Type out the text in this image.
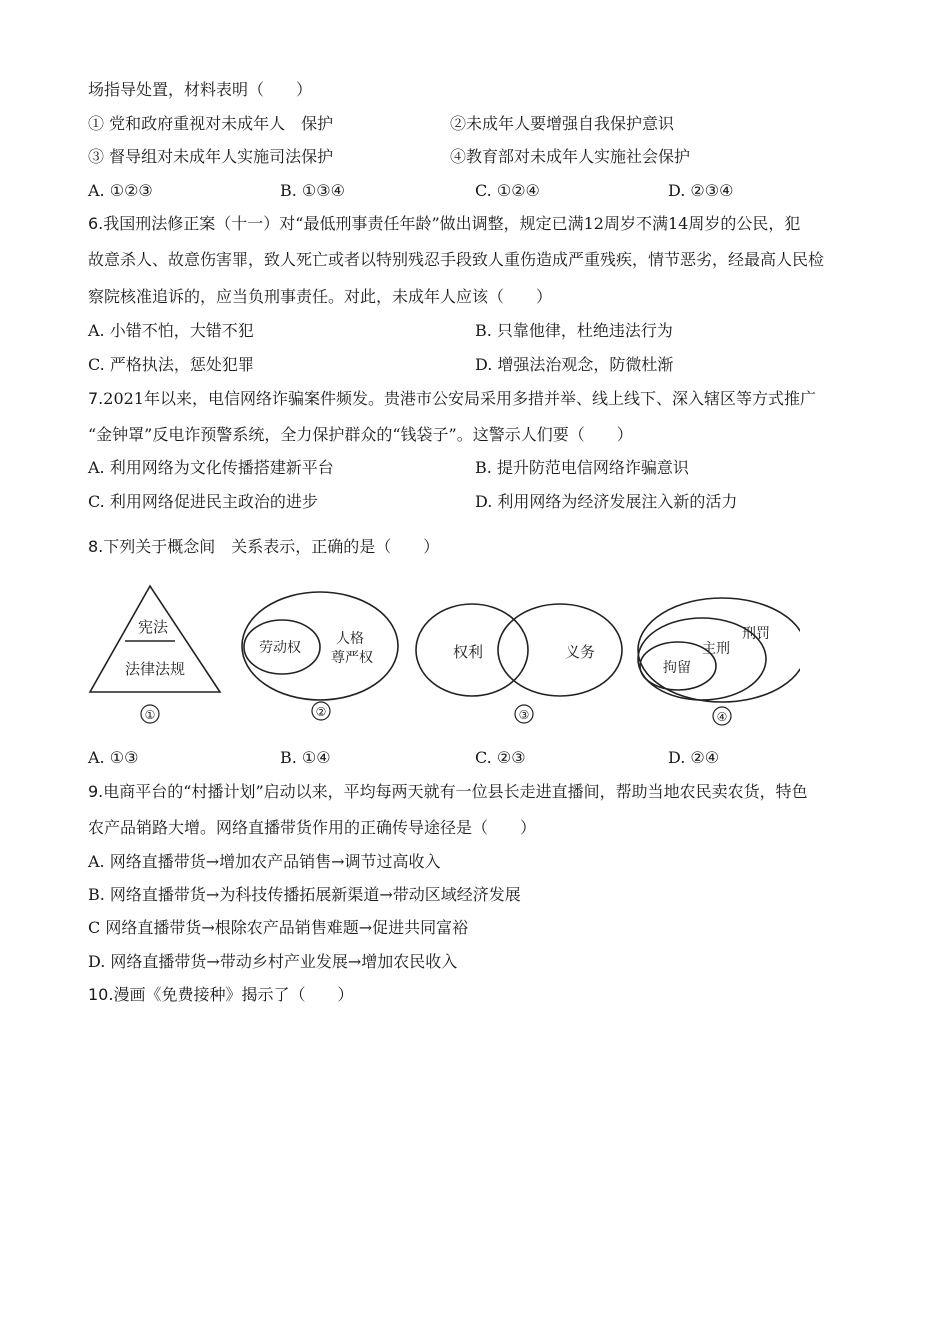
场指导处置，材料表明（　　）
① 党和政府重视对未成年人　保护	②未成年人要增强自我保护意识
③ 督导组对未成年人实施司法保护	④教育部对未成年人实施社会保护
A. ①②③	B. ①③④	C. ①②④	D. ②③④
6.我国刑法修正案（十一）对“最低刑事责任年龄”做出调整，规定已满12周岁不满14周岁的公民，犯
故意杀人、故意伤害罪，致人死亡或者以特别残忍手段致人重伤造成严重残疾，情节恶劣，经最高人民检
察院核准追诉的，应当负刑事责任。对此，未成年人应该（　　）
A. 小错不怕，大错不犯	B. 只靠他律，杜绝违法行为
C. 严格执法，惩处犯罪	D. 增强法治观念，防微杜渐
7.2021年以来，电信网络诈骗案件频发。贵港市公安局采用多措并举、线上线下、深入辖区等方式推广
“金钟罩”反电诈预警系统，全力保护群众的“钱袋子”。这警示人们要（　　）
A. 利用网络为文化传播搭建新平台	B. 提升防范电信网络诈骗意识
C. 利用网络促进民主政治的进步	D. 利用网络为经济发展注入新的活力
8.下列关于概念间　关系表示，正确的是（　　）
宪法
法律法规
①
劳动权
人格
尊严权
②
权利	义务
③
刑罚
主刑
拘留
④
A. ①③	B. ①④	C. ②③	D. ②④
9.电商平台的“村播计划”启动以来，平均每两天就有一位县长走进直播间，帮助当地农民卖农货，特色
农产品销路大增。网络直播带货作用的正确传导途径是（　　）
A. 网络直播带货→增加农产品销售→调节过高收入
B. 网络直播带货→为科技传播拓展新渠道→带动区域经济发展
C 网络直播带货→根除农产品销售难题→促进共同富裕
D. 网络直播带货→带动乡村产业发展→增加农民收入
10.漫画《免费接种》揭示了（　　）
